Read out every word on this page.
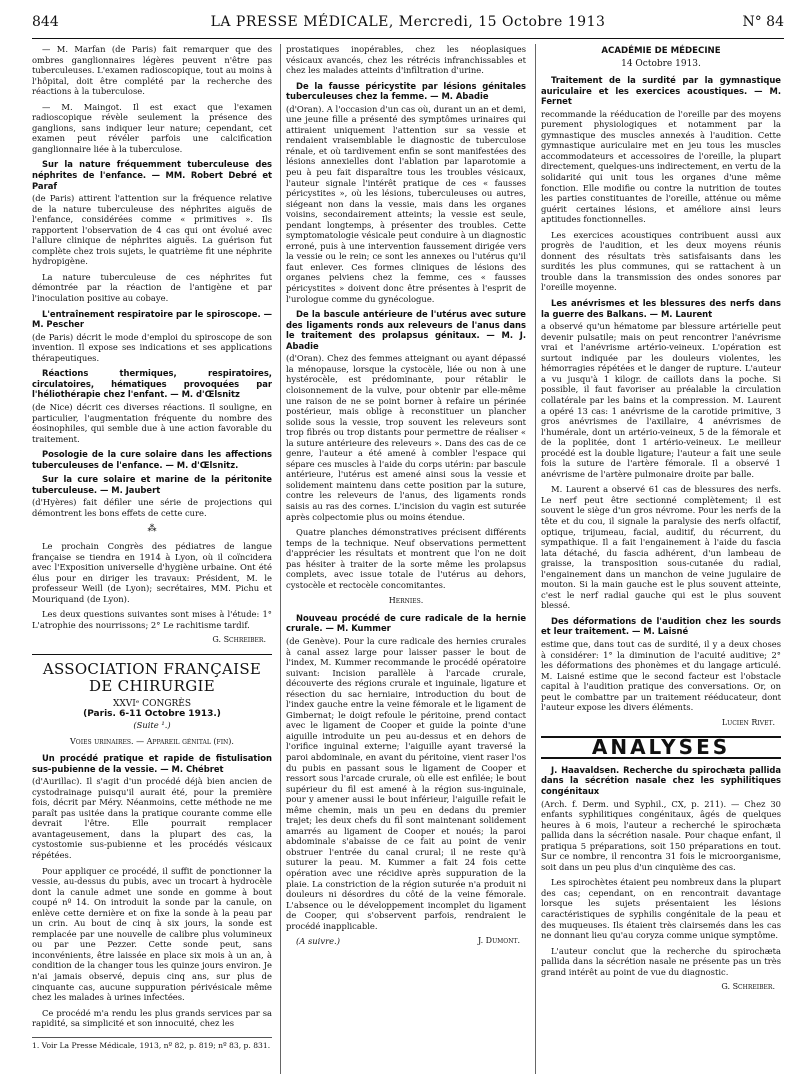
844	LA PRESSE MÉDICALE, Mercredi, 15 Octobre 1913	N° 84

— M. Marfan (de Paris) fait remarquer que des ombres ganglionnaires légères peuvent n'être pas tuberculeuses. L'examen radioscopique, tout au moins à l'hôpital, doit être complété par la recherche des réactions à la tuberculose.

— M. Maingot. Il est exact que l'examen radioscopique révèle seulement la présence des ganglions, sans indiquer leur nature; cependant, cet examen peut révéler parfois une calcification ganglionnaire liée à la tuberculose.

Sur la nature fréquemment tuberculeuse des néphrites de l'enfance. — MM. Robert Debré et Paraf

(de Paris) attirent l'attention sur la fréquence relative de la nature tuberculeuse des néphrites aiguës de l'enfance, considérées comme « primitives ». Ils rapportent l'observation de 4 cas qui ont évolué avec l'allure clinique de néphrites aiguës. La guérison fut complète chez trois sujets, le quatrième fit une néphrite hydropigène.

La nature tuberculeuse de ces néphrites fut démontrée par la réaction de l'antigène et par l'inoculation positive au cobaye.

L'entraînement respiratoire par le spiroscope. — M. Pescher

(de Paris) décrit le mode d'emploi du spiroscope de son invention. Il expose ses indications et ses applications thérapeutiques.

Réactions thermiques, respiratoires, circulatoires, hématiques provoquées par l'héliothérapie chez l'enfant. — M. d'Œlsnitz

(de Nice) décrit ces diverses réactions. Il souligne, en particulier, l'augmentation fréquente du nombre des éosinophiles, qui semble due à une action favorable du traitement.

Posologie de la cure solaire dans les affections tuberculeuses de l'enfance. — M. d'Œlsnitz.
Sur la cure solaire et marine de la péritonite tuberculeuse. — M. Jaubert

(d'Hyères) fait défiler une série de projections qui démontrent les bons effets de cette cure.

⁂

Le prochain Congrès des pédiatres de langue française se tiendra en 1914 à Lyon, où il coïncidera avec l'Exposition universelle d'hygiène urbaine. Ont été élus pour en diriger les travaux: Président, M. le professeur Weill (de Lyon); secrétaires, MM. Pichu et Mouriquand (de Lyon).

Les deux questions suivantes sont mises à l'étude: 1° L'atrophie des nourrissons; 2° Le rachitisme tardif.

G. Schreiber.
ASSOCIATION FRANÇAISE DE CHIRURGIE
XXVIᵉ CONGRÈS
(Paris. 6-11 Octobre 1913.)
(Suite ¹.)
Voies urinaires. — Appareil génital (fin).
Un procédé pratique et rapide de fistulisation sus-pubienne de la vessie. — M. Chébret

(d'Aurillac). Il s'agit d'un procédé déjà bien ancien de cystodrainage puisqu'il aurait été, pour la première fois, décrit par Méry. Néanmoins, cette méthode ne me paraît pas usitée dans la pratique courante comme elle devrait l'être. Elle pourrait remplacer avantageusement, dans la plupart des cas, la cystostomie sus-pubienne et les procédés vésicaux répétées.

Pour appliquer ce procédé, il suffit de ponctionner la vessie, au-dessus du pubis, avec un trocart à hydrocèle dont la canule admet une sonde en gomme à bout coupé nº 14. On introduit la sonde par la canule, on enlève cette dernière et on fixe la sonde à la peau par un crin. Au bout de cinq à six jours, la sonde est remplacée par une nouvelle de calibre plus volumineux ou par une Pezzer. Cette sonde peut, sans inconvénients, être laissée en place six mois à un an, à condition de la changer tous les quinze jours environ. Je n'ai jamais observé, depuis cinq ans, sur plus de cinquante cas, aucune suppuration périvésicale même chez les malades à urines infectées.

Ce procédé m'a rendu les plus grands services par sa rapidité, sa simplicité et son innocuité, chez les

1. Voir La Presse Médicale, 1913, nº 82, p. 819; nº 83, p. 831.

prostatiques inopérables, chez les néoplasiques vésicaux avancés, chez les rétrécis infranchissables et chez les malades atteints d'infiltration d'urine.

De la fausse péricystite par lésions génitales tuberculeuses chez la femme. — M. Abadie

(d'Oran). A l'occasion d'un cas où, durant un an et demi, une jeune fille a présenté des symptômes urinaires qui attiraient uniquement l'attention sur sa vessie et rendaient vraisemblable le diagnostic de tuberculose rénale, et où tardivement enfin se sont manifestées des lésions annexielles dont l'ablation par laparotomie a peu à peu fait disparaître tous les troubles vésicaux, l'auteur signale l'intérêt pratique de ces « fausses péricystites », où les lésions, tuberculeuses ou autres, siégeant non dans la vessie, mais dans les organes voisins, secondairement atteints; la vessie est seule, pendant longtemps, à présenter des troubles. Cette symptomatologie vésicale peut conduire à un diagnostic erroné, puis à une intervention faussement dirigée vers la vessie ou le rein; ce sont les annexes ou l'utérus qu'il faut enlever. Ces formes cliniques de lésions des organes pelviens chez la femme, ces « fausses péricystites » doivent donc être présentes à l'esprit de l'urologue comme du gynécologue.

De la bascule antérieure de l'utérus avec suture des ligaments ronds aux releveurs de l'anus dans le traitement des prolapsus génitaux. — M. J. Abadie

(d'Oran). Chez des femmes atteignant ou ayant dépassé la ménopause, lorsque la cystocèle, liée ou non à une hystérocèle, est prédominante, pour rétablir le cloisonnement de la vulve, pour obtenir par elle-même une raison de ne se point borner à refaire un périnée postérieur, mais oblige à reconstituer un plancher solide sous la vessie, trop souvent les releveurs sont trop fibrés ou trop distants pour permettre de réaliser « la suture antérieure des releveurs ». Dans des cas de ce genre, l'auteur a été amené à combler l'espace qui sépare ces muscles à l'aide du corps utérin: par bascule antérieure, l'utérus est amené ainsi sous la vessie et solidement maintenu dans cette position par la suture, contre les releveurs de l'anus, des ligaments ronds saisis au ras des cornes. L'incision du vagin est suturée après colpectomie plus ou moins étendue.

Quatre planches démonstratives précisent différents temps de la technique. Neuf observations permettent d'apprécier les résultats et montrent que l'on ne doit pas hésiter à traiter de la sorte même les prolapsus complets, avec issue totale de l'utérus au dehors, cystocèle et rectocèle concomitantes.

Hernies.
Nouveau procédé de cure radicale de la hernie crurale. — M. Kummer

(de Genève). Pour la cure radicale des hernies crurales à canal assez large pour laisser passer le bout de l'index, M. Kummer recommande le procédé opératoire suivant: Incision parallèle à l'arcade crurale, découverte des régions crurale et inguinale, ligature et résection du sac herniaire, introduction du bout de l'index gauche entre la veine fémorale et le ligament de Gimbernat; le doigt refoule le péritoine, prend contact avec le ligament de Cooper et guide la pointe d'une aiguille introduite un peu au-dessus et en dehors de l'orifice inguinal externe; l'aiguille ayant traversé la paroi abdominale, en avant du péritoine, vient raser l'os du pubis en passant sous le ligament de Cooper et ressort sous l'arcade crurale, où elle est enfilée; le bout supérieur du fil est amené à la région sus-inguinale, pour y amener aussi le bout inférieur, l'aiguille refait le même chemin, mais un peu en dedans du premier trajet; les deux chefs du fil sont maintenant solidement amarrés au ligament de Cooper et noués; la paroi abdominale s'abaisse de ce fait au point de venir obstruer l'entrée du canal crural; il ne reste qu'à suturer la peau. M. Kummer a fait 24 fois cette opération avec une récidive après suppuration de la plaie. La constriction de la région suturée n'a produit ni douleurs ni désordres du côté de la veine fémorale. L'absence ou le développement incomplet du ligament de Cooper, qui s'observent parfois, rendraient le procédé inapplicable.

(A suivre.)	J. Dumont.
ACADÉMIE DE MÉDECINE
14 Octobre 1913.
Traitement de la surdité par la gymnastique auriculaire et les exercices acoustiques. — M. Fernet

recommande la rééducation de l'oreille par des moyens purement physiologiques et notamment par la gymnastique des muscles annexés à l'audition. Cette gymnastique auriculaire met en jeu tous les muscles accommodateurs et accessoires de l'oreille, la plupart directement, quelques-uns indirectement, en vertu de la solidarité qui unit tous les organes d'une même fonction. Elle modifie ou contre la nutrition de toutes les parties constituantes de l'oreille, atténue ou même guérit certaines lésions, et améliore ainsi leurs aptitudes fonctionnelles.

Les exercices acoustiques contribuent aussi aux progrès de l'audition, et les deux moyens réunis donnent des résultats très satisfaisants dans les surdités les plus communes, qui se rattachent à un trouble dans la transmission des ondes sonores par l'oreille moyenne.

Les anévrismes et les blessures des nerfs dans la guerre des Balkans. — M. Laurent

a observé qu'un hématome par blessure artérielle peut devenir pulsatile; mais on peut rencontrer l'anévrisme vrai et l'anévrisme artério-veineux. L'opération est surtout indiquée par les douleurs violentes, les hémorragies répétées et le danger de rupture. L'auteur a vu jusqu'à 1 kilogr. de caillots dans la poche. Si possible, il faut favoriser au préalable la circulation collatérale par les bains et la compression. M. Laurent a opéré 13 cas: 1 anévrisme de la carotide primitive, 3 gros anévrismes de l'axillaire, 4 anévrismes de l'humérale, dont un artério-veineux, 5 de la fémorale et de la poplitée, dont 1 artério-veineux. Le meilleur procédé est la double ligature; l'auteur a fait une seule fois la suture de l'artère fémorale. Il a observé 1 anévrisme de l'artère pulmonaire droite par balle.

M. Laurent a observé 61 cas de blessures des nerfs. Le nerf peut être sectionné complètement; il est souvent le siège d'un gros névrome. Pour les nerfs de la tête et du cou, il signale la paralysie des nerfs olfactif, optique, trijumeau, facial, auditif, du récurrent, du sympathique. Il a fait l'engainement à l'aide du fascia lata détaché, du fascia adhérent, d'un lambeau de graisse, la transposition sous-cutanée du radial, l'engainement dans un manchon de veine jugulaire de mouton. Si la main gauche est le plus souvent atteinte, c'est le nerf radial gauche qui est le plus souvent blessé.

Des déformations de l'audition chez les sourds et leur traitement. — M. Laisné

estime que, dans tout cas de surdité, il y a deux choses à considérer: 1° la diminution de l'acuité auditive; 2° les déformations des phonèmes et du langage articulé. M. Laisné estime que le second facteur est l'obstacle capital à l'audition pratique des conversations. Or, on peut le combattre par un traitement rééducateur, dont l'auteur expose les divers éléments.

Lucien Rivet.
ANALYSES
J. Haavaldsen. Recherche du spirochæta pallida dans la sécrétion nasale chez les syphilitiques congénitaux

(Arch. f. Derm. und Syphil., CX, p. 211). — Chez 30 enfants syphilitiques congénitaux, âgés de quelques heures à 6 mois, l'auteur a recherché le spirochæta pallida dans la sécrétion nasale. Pour chaque enfant, il pratiqua 5 préparations, soit 150 préparations en tout. Sur ce nombre, il rencontra 31 fois le microorganisme, soit dans un peu plus d'un cinquième des cas.

Les spirochètes étaient peu nombreux dans la plupart des cas; cependant, on en rencontrait davantage lorsque les sujets présentaient les lésions caractéristiques de syphilis congénitale de la peau et des muqueuses. Ils étaient très clairsemés dans les cas ne donnant lieu qu'au coryza comme unique symptôme.

L'auteur conclut que la recherche du spirochæta pallida dans la sécrétion nasale ne présente pas un très grand intérêt au point de vue du diagnostic.

G. Schreiber.
